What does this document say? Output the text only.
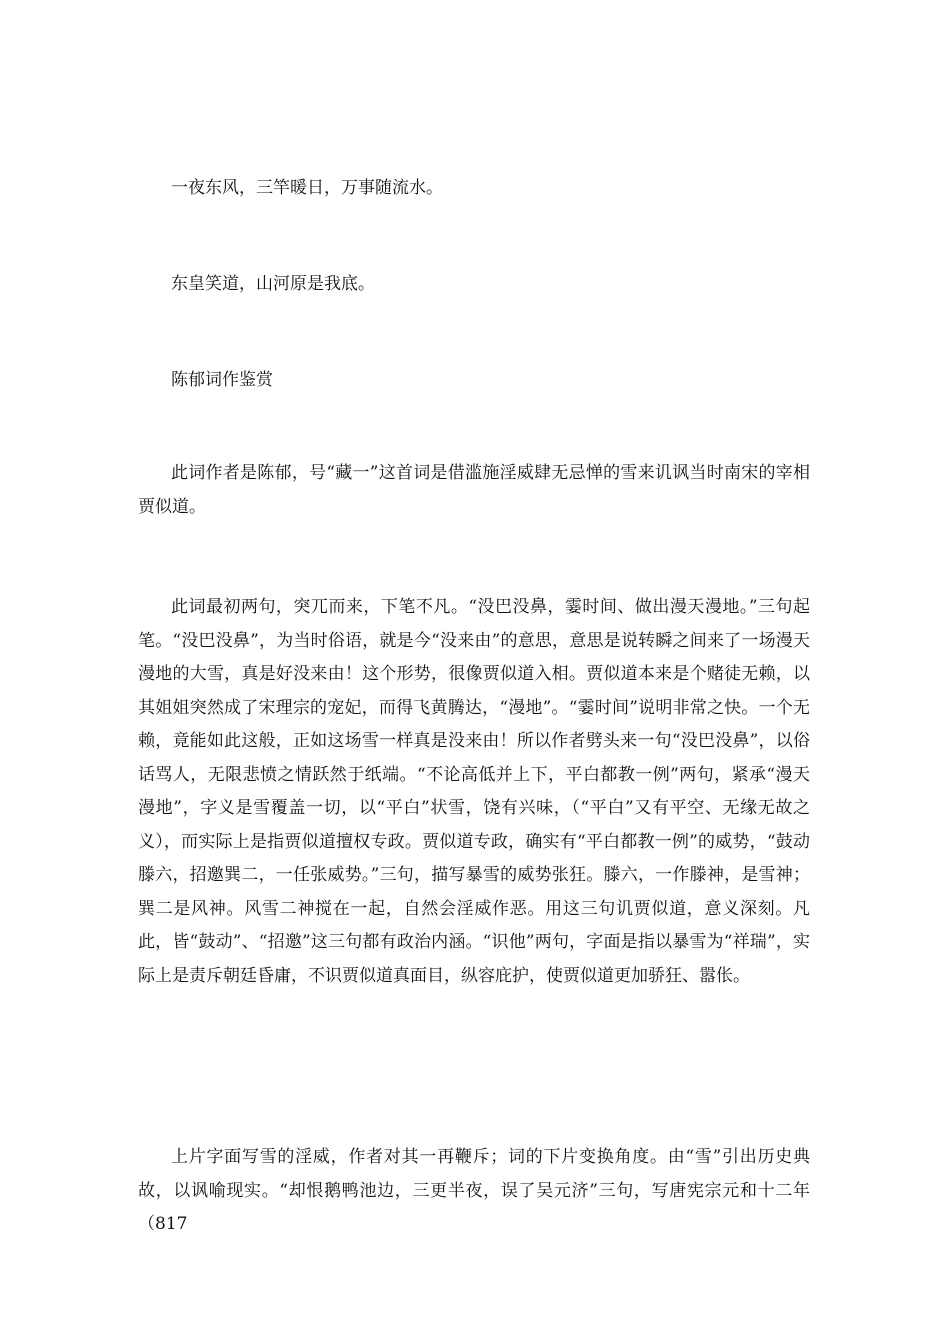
一夜东风，三竿暖日，万事随流水。

东皇笑道，山河原是我底。

陈郁词作鉴赏

此词作者是陈郁，号“藏一”这首词是借滥施淫威肆无忌惮的雪来讥讽当时南宋的宰相贾似道。

此词最初两句，突兀而来，下笔不凡。“没巴没鼻，霎时间、做出漫天漫地。”三句起笔。“没巴没鼻”，为当时俗语，就是今“没来由”的意思，意思是说转瞬之间来了一场漫天漫地的大雪，真是好没来由！这个形势，很像贾似道入相。贾似道本来是个赌徒无赖，以其姐姐突然成了宋理宗的宠妃，而得飞黄腾达，“漫地”。“霎时间”说明非常之快。一个无赖，竟能如此这般，正如这场雪一样真是没来由！所以作者劈头来一句“没巴没鼻”，以俗话骂人，无限悲愤之情跃然于纸端。“不论高低并上下，平白都教一例”两句，紧承“漫天漫地”，字义是雪覆盖一切，以“平白”状雪，饶有兴味，（“平白”又有平空、无缘无故之义），而实际上是指贾似道擅权专政。贾似道专政，确实有“平白都教一例”的威势，“鼓动滕六，招邀巽二，一任张威势。”三句，描写暴雪的威势张狂。滕六，一作滕神，是雪神；巽二是风神。风雪二神搅在一起，自然会淫威作恶。用这三句讥贾似道，意义深刻。凡此，皆“鼓动”、“招邀”这三句都有政治内涵。“识他”两句，字面是指以暴雪为“祥瑞”，实际上是责斥朝廷昏庸，不识贾似道真面目，纵容庇护，使贾似道更加骄狂、嚣伥。

上片字面写雪的淫威，作者对其一再鞭斥；词的下片变换角度。由“雪”引出历史典故，以讽喻现实。“却恨鹅鸭池边，三更半夜，误了吴元济”三句，写唐宪宗元和十二年（817
